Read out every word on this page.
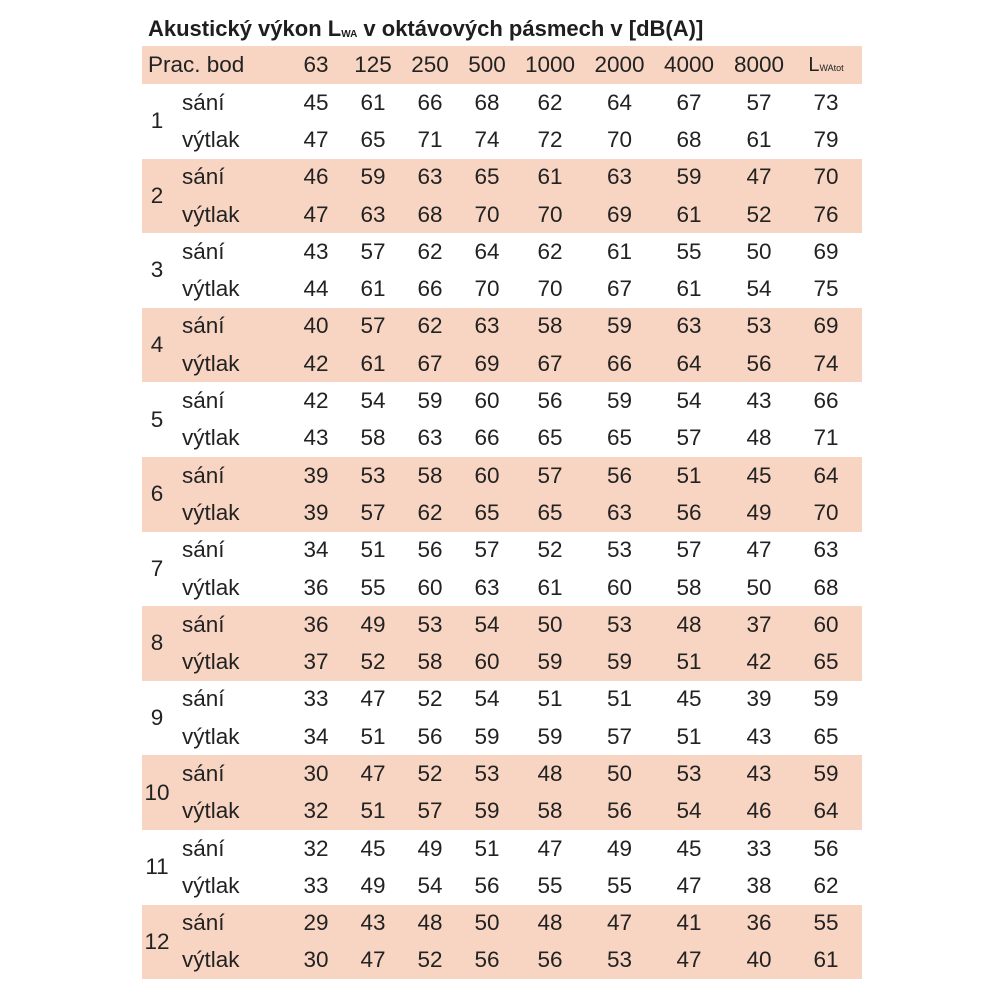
Akustický výkon LWA v oktávových pásmech v [dB(A)]
Prac. bod	63	125 250 500 1000 2000 4000 8000	L WAtot
1
sání	45	61	66	68	62	64	67	57	73
výtlak	47	65	71	74	72	70	68	61	79
2
sání	46	59	63	65	61	63	59	47	70
výtlak	47	63	68	70	70	69	61	52	76
3
sání	43	57	62	64	62	61	55	50	69
výtlak	44	61	66	70	70	67	61	54	75
4
sání	40	57	62	63	58	59	63	53	69
výtlak	42	61	67	69	67	66	64	56	74
5
sání	42	54	59	60	56	59	54	43	66
výtlak	43	58	63	66	65	65	57	48	71
6
sání	39	53	58	60	57	56	51	45	64
výtlak	39	57	62	65	65	63	56	49	70
7
sání	34	51	56	57	52	53	57	47	63
výtlak	36	55	60	63	61	60	58	50	68
8
sání	36	49	53	54	50	53	48	37	60
výtlak	37	52	58	60	59	59	51	42	65
9
sání	33	47	52	54	51	51	45	39	59
výtlak	34	51	56	59	59	57	51	43	65
10
sání	30	47	52	53	48	50	53	43	59
výtlak	32	51	57	59	58	56	54	46	64
11
sání	32	45	49	51	47	49	45	33	56
výtlak	33	49	54	56	55	55	47	38	62
12
sání	29	43	48	50	48	47	41	36	55
výtlak	30	47	52	56	56	53	47	40	61
